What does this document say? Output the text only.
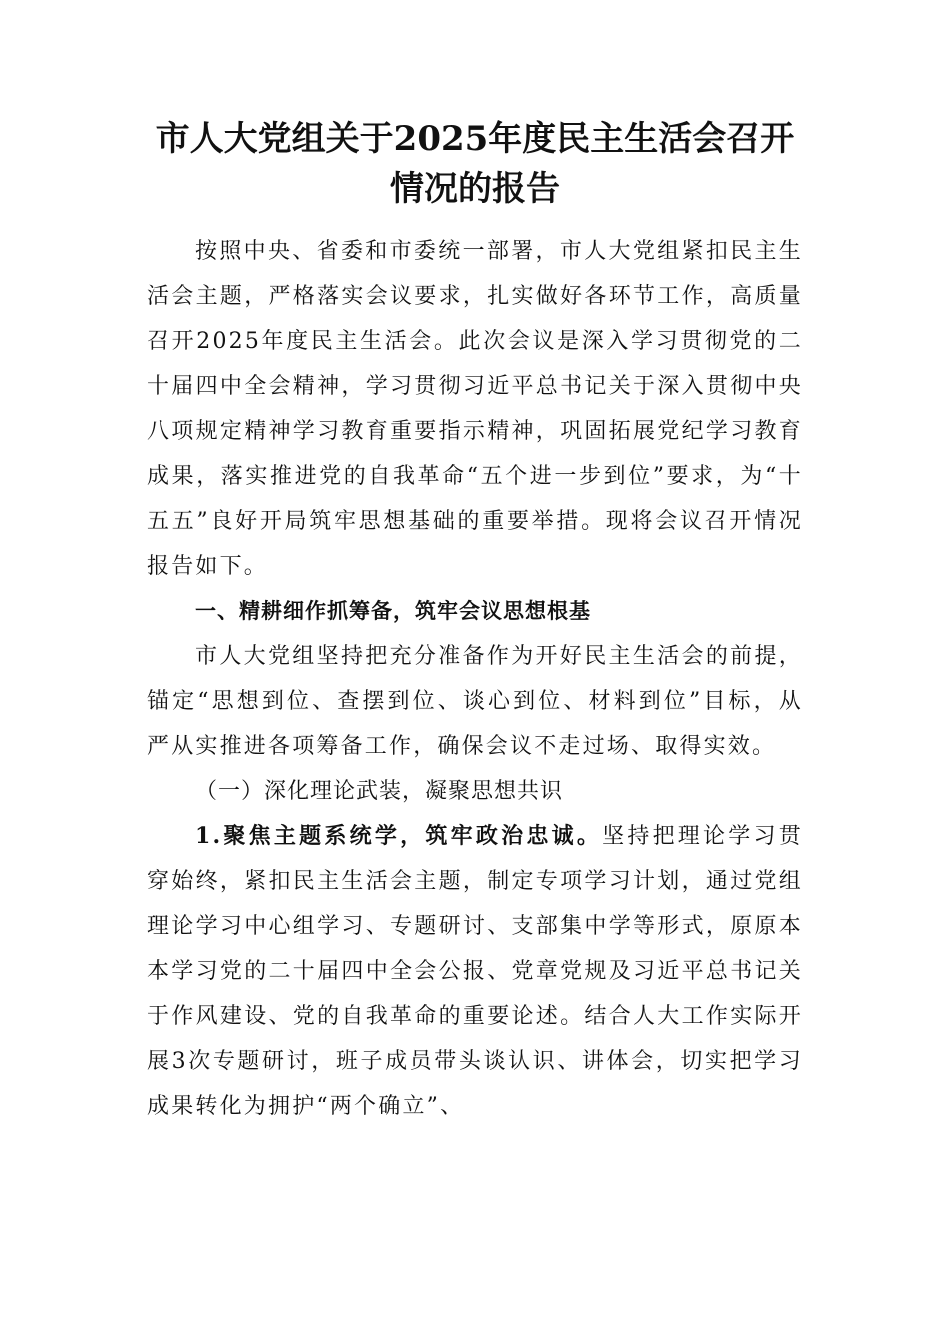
市人大党组关于2025年度民主生活会召开
情况的报告

按照中央、省委和市委统一部署，市人大党组紧扣民主生活会主题，严格落实会议要求，扎实做好各环节工作，高质量召开2025年度民主生活会。此次会议是深入学习贯彻党的二十届四中全会精神，学习贯彻习近平总书记关于深入贯彻中央八项规定精神学习教育重要指示精神，巩固拓展党纪学习教育成果，落实推进党的自我革命“五个进一步到位”要求，为“十五五”良好开局筑牢思想基础的重要举措。现将会议召开情况报告如下。

一、精耕细作抓筹备，筑牢会议思想根基

市人大党组坚持把充分准备作为开好民主生活会的前提，锚定“思想到位、查摆到位、谈心到位、材料到位”目标，从严从实推进各项筹备工作，确保会议不走过场、取得实效。

（一）深化理论武装，凝聚思想共识

1.聚焦主题系统学，筑牢政治忠诚。坚持把理论学习贯穿始终，紧扣民主生活会主题，制定专项学习计划，通过党组理论学习中心组学习、专题研讨、支部集中学等形式，原原本本学习党的二十届四中全会公报、党章党规及习近平总书记关于作风建设、党的自我革命的重要论述。结合人大工作实际开展3次专题研讨，班子成员带头谈认识、讲体会，切实把学习成果转化为拥护“两个确立”、
